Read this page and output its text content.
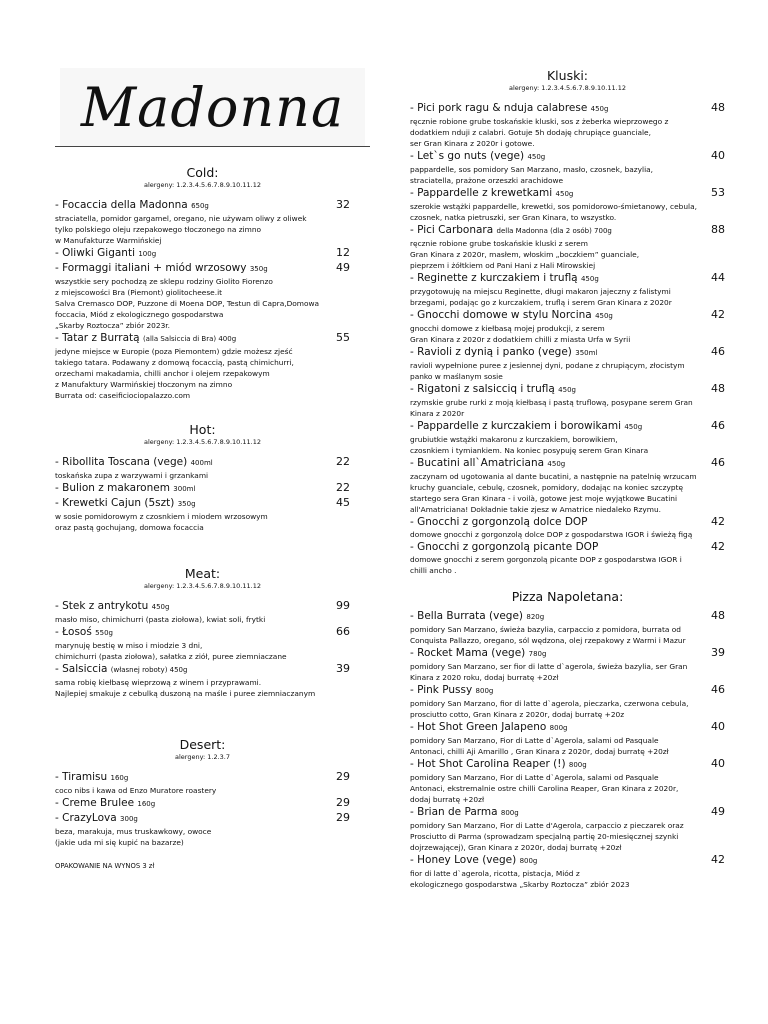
Madonna
Cold:
alergeny: 1.2.3.4.5.6.7.8.9.10.11.12
- Focaccia della Madonna 650g	32
straciatella, pomidor gargamel, oregano, nie używam oliwy z oliwek
tylko polskiego oleju rzepakowego tłoczonego na zimno
w Manufakturze Warmińskiej
- Oliwki Giganti 100g	12
- Formaggi italiani + miód wrzosowy 350g	49
wszystkie sery pochodzą ze sklepu rodziny Giolito Fiorenzo
z miejscowości Bra (Piemont) giolitocheese.it
Salva Cremasco DOP, Puzzone di Moena DOP, Testun di Capra,Domowa
foccacia, Miód z ekologicznego gospodarstwa
„Skarby Roztocza” zbiór 2023r.
- Tatar z Burratą (alla Salsiccia di Bra) 400g	55
jedyne miejsce w Europie (poza Piemontem) gdzie możesz zjeść
takiego tatara. Podawany z domową focaccią, pastą chimichurri,
orzechami makadamia, chilli anchor i olejem rzepakowym
z Manufaktury Warmińskiej tłoczonym na zimno
Burrata od: caseificiociopalazzo.com
Hot:
alergeny: 1.2.3.4.5.6.7.8.9.10.11.12
- Ribollita Toscana (vege) 400ml	22
toskańska zupa z warzywami i grzankami
- Bulion z makaronem 300ml	22
- Krewetki Cajun (5szt) 350g	45
w sosie pomidorowym z czosnkiem i miodem wrzosowym
oraz pastą gochujang, domowa focaccia
Meat:
alergeny: 1.2.3.4.5.6.7.8.9.10.11.12
- Stek z antrykotu 450g	99
masło miso, chimichurri (pasta ziołowa), kwiat soli, frytki
- Łosoś 550g	66
marynuję bestię w miso i miodzie 3 dni,
chimichurri (pasta ziołowa), sałatka z ziół, puree ziemniaczane
- Salsiccia (własnej roboty) 450g	39
sama robię kiełbasę wieprzową z winem i przyprawami.
Najlepiej smakuje z cebulką duszoną na maśle i puree ziemniaczanym
Desert:
alergeny: 1.2.3.7
- Tiramisu 160g	29
coco nibs i kawa od Enzo Muratore roastery
- Creme Brulee 160g	29
- CrazyLova 300g	29
beza, marakuja, mus truskawkowy, owoce
(jakie uda mi się kupić na bazarze)
OPAKOWANIE NA WYNOS 3 zł
Kluski:
alergeny: 1.2.3.4.5.6.7.8.9.10.11.12
- Pici pork ragu & nduja calabrese 450g	48
ręcznie robione grube toskańskie kluski, sos z żeberka wieprzowego z
dodatkiem nduji z calabri. Gotuje 5h dodaję chrupiące guanciale,
ser Gran Kinara z 2020r i gotowe.
- Let`s go nuts (vege) 450g	40
pappardelle, sos pomidory San Marzano, masło, czosnek, bazylia,
straciatella, prażone orzeszki arachidowe
- Pappardelle z krewetkami 450g	53
szerokie wstążki pappardelle, krewetki, sos pomidorowo-śmietanowy, cebula,
czosnek, natka pietruszki, ser Gran Kinara, to wszystko.
- Pici Carbonara della Madonna (dla 2 osób) 700g	88
ręcznie robione grube toskańskie kluski z serem
Gran Kinara z 2020r, masłem, włoskim „boczkiem” guanciale,
pieprzem i żółtkiem od Pani Hani z Hali Mirowskiej
- Reginette z kurczakiem i truflą 450g	44
przygotowuję na miejscu Reginette, długi makaron jajeczny z falistymi
brzegami, podając go z kurczakiem, truflą i serem Gran Kinara z 2020r
- Gnocchi domowe w stylu Norcina 450g	42
gnocchi domowe z kiełbasą mojej produkcji, z serem
Gran Kinara z 2020r z dodatkiem chilli z miasta Urfa w Syrii
- Ravioli z dynią i panko (vege) 350ml	46
ravioli wypełnione puree z jesiennej dyni, podane z chrupiącym, złocistym
panko w maślanym sosie
- Rigatoni z salsicciq i truflą 450g	48
rzymskie grube rurki z moją kiełbasą i pastą truflową, posypane serem Gran
Kinara z 2020r
- Pappardelle z kurczakiem i borowikami 450g	46
grubiutkie wstążki makaronu z kurczakiem, borowikiem,
czosnkiem i tymiankiem. Na koniec posypuję serem Gran Kinara
- Bucatini all`Amatriciana 450g	46
zaczynam od ugotowania al dante bucatini, a następnie na patelnię wrzucam
kruchy guanciale, cebulę, czosnek, pomidory, dodając na koniec szczyptę
startego sera Gran Kinara - i voilà, gotowe jest moje wyjątkowe Bucatini
all'Amatriciana! Dokładnie takie zjesz w Amatrice niedaleko Rzymu.
- Gnocchi z gorgonzolą dolce DOP	42
domowe gnocchi z gorgonzolą dolce DOP z gospodarstwa IGOR i świeżą figą
- Gnocchi z gorgonzolą picante DOP	42
domowe gnocchi z serem gorgonzolą picante DOP z gospodarstwa IGOR i
chilli ancho .
Pizza Napoletana:
- Bella Burrata (vege) 820g	48
pomidory San Marzano, świeża bazylia, carpaccio z pomidora, burrata od
Conquista Pallazzo, oregano, sól wędzona, olej rzepakowy z Warmi i Mazur
- Rocket Mama (vege) 780g	39
pomidory San Marzano, ser fior di latte d`agerola, świeża bazylia, ser Gran
Kinara z 2020 roku, dodaj burratę +20zł
- Pink Pussy 800g	46
pomidory San Marzano, fior di latte d`agerola, pieczarka, czerwona cebula,
prosciutto cotto, Gran Kinara z 2020r, dodaj burratę +20z
- Hot Shot Green Jalapeno 800g	40
pomidory San Marzano, Fior di Latte d`Agerola, salami od Pasquale
Antonaci, chilli Aji Amarillo , Gran Kinara z 2020r, dodaj burratę +20zł
- Hot Shot Carolina Reaper (!) 800g	40
pomidory San Marzano, Fior di Latte d`Agerola, salami od Pasquale
Antonaci, ekstremalnie ostre chilli Carolina Reaper, Gran Kinara z 2020r,
dodaj burratę +20zł
- Brian de Parma 800g	49
pomidory San Marzano, Fior di Latte d'Agerola, carpaccio z pieczarek oraz
Prosciutto di Parma (sprowadzam specjalną partię 20-miesięcznej szynki
dojrzewającej), Gran Kinara z 2020r, dodaj burratę +20zł
- Honey Love (vege) 800g	42
fior di latte d`agerola, ricotta, pistacja, Miód z
ekologicznego gospodarstwa „Skarby Roztocza” zbiór 2023
